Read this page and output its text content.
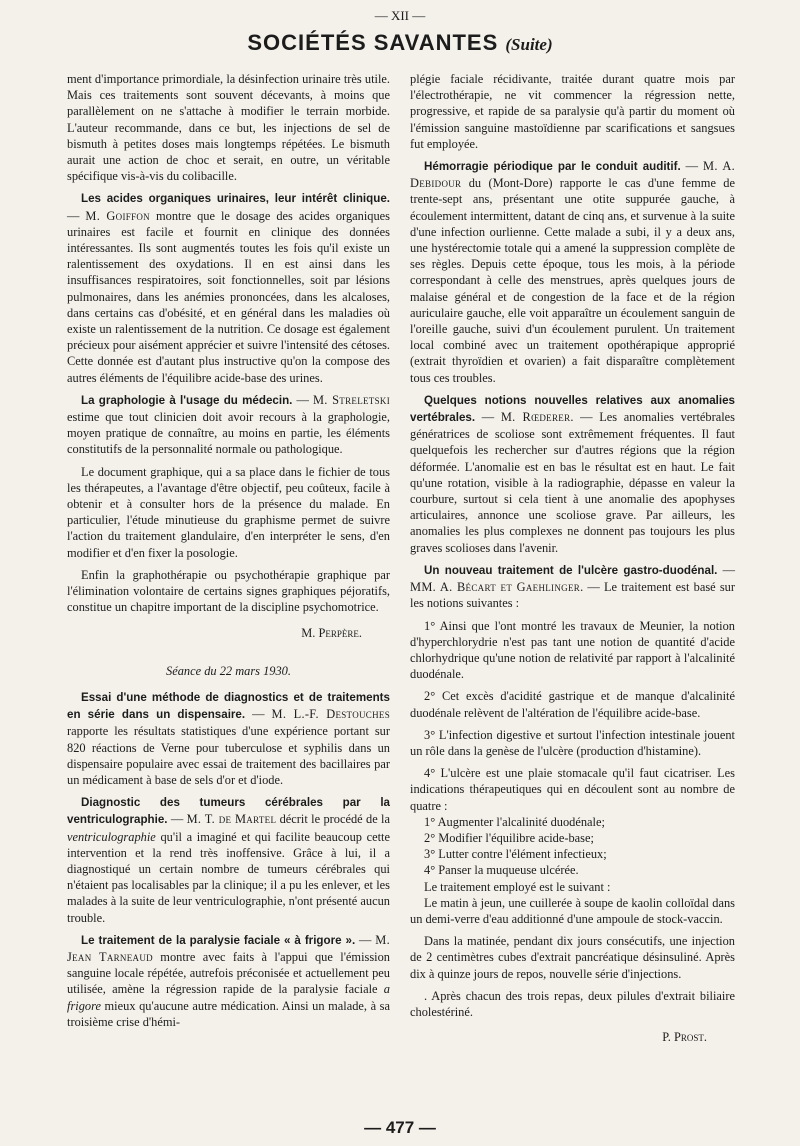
— XII —
SOCIÉTÉS SAVANTES (Suite)

ment d'importance primordiale, la désinfection urinaire très utile. Mais ces traitements sont souvent décevants, à moins que parallèlement on ne s'attache à modifier le terrain morbide. L'auteur recommande, dans ce but, les injections de sel de bismuth à petites doses mais longtemps répétées. Le bismuth aurait une action de choc et serait, en outre, un véritable spécifique vis-à-vis du colibacille.

Les acides organiques urinaires, leur intérêt clinique. — M. Goiffon montre que le dosage des acides organiques urinaires est facile et fournit en clinique des données intéressantes. Ils sont augmentés toutes les fois qu'il existe un ralentissement des oxydations. Il en est ainsi dans les insuffisances respiratoires, soit fonctionnelles, soit par lésions pulmonaires, dans les anémies prononcées, dans les alcaloses, dans certains cas d'obésité, et en général dans les maladies où existe un ralentissement de la nutrition. Ce dosage est également précieux pour aisément apprécier et suivre l'intensité des cétoses. Cette donnée est d'autant plus instructive qu'on la compose des autres éléments de l'équilibre acide-base des urines.

La graphologie à l'usage du médecin. — M. Streletski estime que tout clinicien doit avoir recours à la graphologie, moyen pratique de connaître, au moins en partie, les éléments constitutifs de la personnalité normale ou pathologique.

Le document graphique, qui a sa place dans le fichier de tous les thérapeutes, a l'avantage d'être objectif, peu coûteux, facile à obtenir et à consulter hors de la présence du malade. En particulier, l'étude minutieuse du graphisme permet de suivre l'action du traitement glandulaire, d'en interpréter le sens, d'en modifier et d'en fixer la posologie.

Enfin la graphothérapie ou psychothérapie graphique par l'élimination volontaire de certains signes graphiques péjoratifs, constitue un chapitre important de la discipline psychomotrice.

M. Perpère.

Séance du 22 mars 1930.

Essai d'une méthode de diagnostics et de traitements en série dans un dispensaire. — M. L.-F. Destouches rapporte les résultats statistiques d'une expérience portant sur 820 réactions de Verne pour tuberculose et syphilis dans un dispensaire populaire avec essai de traitement des bacillaires par un médicament à base de sels d'or et d'iode.

Diagnostic des tumeurs cérébrales par la ventriculographie. — M. T. de Martel décrit le procédé de la ventriculographie qu'il a imaginé et qui facilite beaucoup cette intervention et la rend très inoffensive. Grâce à lui, il a diagnostiqué un certain nombre de tumeurs cérébrales qui n'étaient pas localisables par la clinique; il a pu les enlever, et les malades à la suite de leur ventriculographie, n'ont présenté aucun trouble.

Le traitement de la paralysie faciale « à frigore ». — M. Jean Tarneaud montre avec faits à l'appui que l'émission sanguine locale répétée, autrefois préconisée et actuellement peu utilisée, amène la régression rapide de la paralysie faciale a frigore mieux qu'aucune autre médication. Ainsi un malade, à sa troisième crise d'hémi-

plégie faciale récidivante, traitée durant quatre mois par l'électrothérapie, ne vit commencer la régression nette, progressive, et rapide de sa paralysie qu'à partir du moment où l'émission sanguine mastoïdienne par scarifications et sangsues fut employée.

Hémorragie périodique par le conduit auditif. — M. A. Debidour du (Mont-Dore) rapporte le cas d'une femme de trente-sept ans, présentant une otite suppurée gauche, à écoulement intermittent, datant de cinq ans, et survenue à la suite d'une infection ourlienne. Cette malade a subi, il y a deux ans, une hystérectomie totale qui a amené la suppression complète de ses règles. Depuis cette époque, tous les mois, à la période correspondant à celle des menstrues, après quelques jours de malaise général et de congestion de la face et de la région auriculaire gauche, elle voit apparaître un écoulement sanguin de l'oreille gauche, suivi d'un écoulement purulent. Un traitement local combiné avec un traitement opothérapique approprié (extrait thyroïdien et ovarien) a fait disparaître complètement tous ces troubles.

Quelques notions nouvelles relatives aux anomalies vertébrales. — M. Rœderer. — Les anomalies vertébrales génératrices de scoliose sont extrêmement fréquentes. Il faut quelquefois les rechercher sur d'autres régions que la région déformée. L'anomalie est en bas le résultat est en haut. Le fait qu'une rotation, visible à la radiographie, dépasse en valeur la courbure, surtout si cela tient à une anomalie des apophyses articulaires, annonce une scoliose grave. Par ailleurs, les anomalies les plus complexes ne donnent pas toujours les plus graves scolioses dans l'avenir.

Un nouveau traitement de l'ulcère gastro-duodénal. — MM. A. Bécart et Gaehlinger. — Le traitement est basé sur les notions suivantes :

1° Ainsi que l'ont montré les travaux de Meunier, la notion d'hyperchlorydrie n'est pas tant une notion de quantité d'acide chlorhydrique qu'une notion de relativité par rapport à l'alcalinité duodénale.

2° Cet excès d'acidité gastrique et de manque d'alcalinité duodénale relèvent de l'altération de l'équilibre acide-base.

3° L'infection digestive et surtout l'infection intestinale jouent un rôle dans la genèse de l'ulcère (production d'histamine).

4° L'ulcère est une plaie stomacale qu'il faut cicatriser. Les indications thérapeutiques qui en découlent sont au nombre de quatre :

1° Augmenter l'alcalinité duodénale;

2° Modifier l'équilibre acide-base;

3° Lutter contre l'élément infectieux;

4° Panser la muqueuse ulcérée.

Le traitement employé est le suivant :

Le matin à jeun, une cuillerée à soupe de kaolin colloïdal dans un demi-verre d'eau additionné d'une ampoule de stock-vaccin.

Dans la matinée, pendant dix jours consécutifs, une injection de 2 centimètres cubes d'extrait pancréatique désinsuliné. Après dix à quinze jours de repos, nouvelle série d'injections.

. Après chacun des trois repas, deux pilules d'extrait biliaire cholestériné.

P. Prost.

— 477 —
